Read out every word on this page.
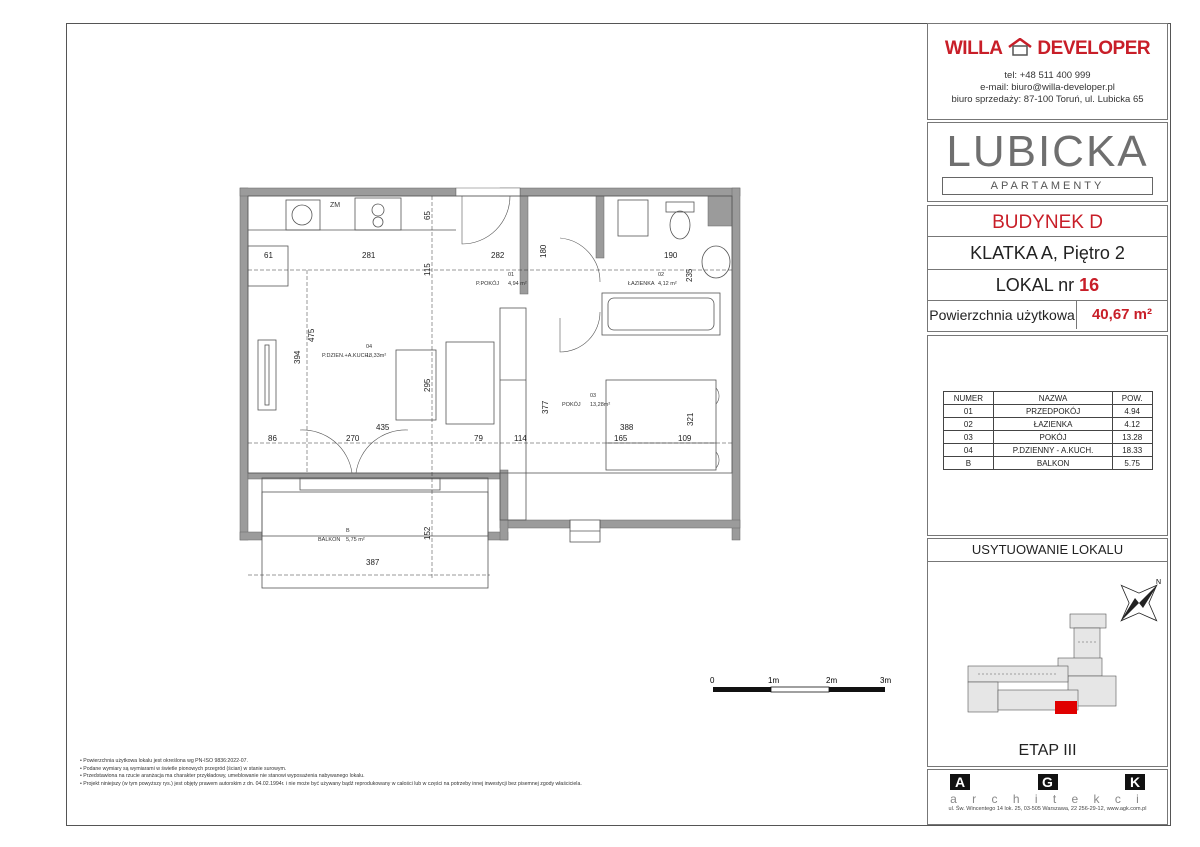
281	282	190
61
435	388
86	270	79	114	165	109
387
180
235
115
65
475
394
295
377
321
152
01
P.POKÓJ 4,94 m²
02
ŁAZIENKA 4,12 m²
03
POKÓJ 13,28m²
04
P.DZIEN.+A.KUCH.
18,33m²
B
BALKON 5,75 m²
ZM
0	1m	2m	3m
WILLA DEVELOPER
tel: +48 511 400 999
e-mail: biuro@willa-developer.pl
biuro sprzedaży: 87-100 Toruń, ul. Lubicka 65
LUBICKA
APARTAMENTY
BUDYNEK D
KLATKA A, Piętro 2
LOKAL nr 16
Powierzchnia użytkowa	40,67 m²
NUMER	NAZWA	POW.
01	PRZEDPOKÓJ	4.94
02	ŁAZIENKA	4.12
03	POKÓJ	13.28
04	P.DZIENNY - A.KUCH.	18.33
B	BALKON	5.75
USYTUOWANIE LOKALU
N
ETAP III
A	G	K
a r c h i t e k c i
ul. Św. Wincentego 14 lok. 25, 03-505 Warszawa, 22 256-29-12, www.agk.com.pl
• Powierzchnia użytkowa lokalu jest określona wg PN-ISO 9836:2022-07.
• Podane wymiary są wymiarami w świetle pionowych przegród (ścian) w stanie surowym.
• Przedstawiona na rzucie aranżacja ma charakter przykładowy, umeblowanie nie stanowi wyposażenia nabywanego lokalu.
• Projekt niniejszy (w tym powyższy rys.) jest objęty prawem autorskim z dn. 04.02.1994r. i nie może być używany bądź reprodukowany w całości lub w części na potrzeby innej inwestycji bez pisemnej zgody właściciela.
